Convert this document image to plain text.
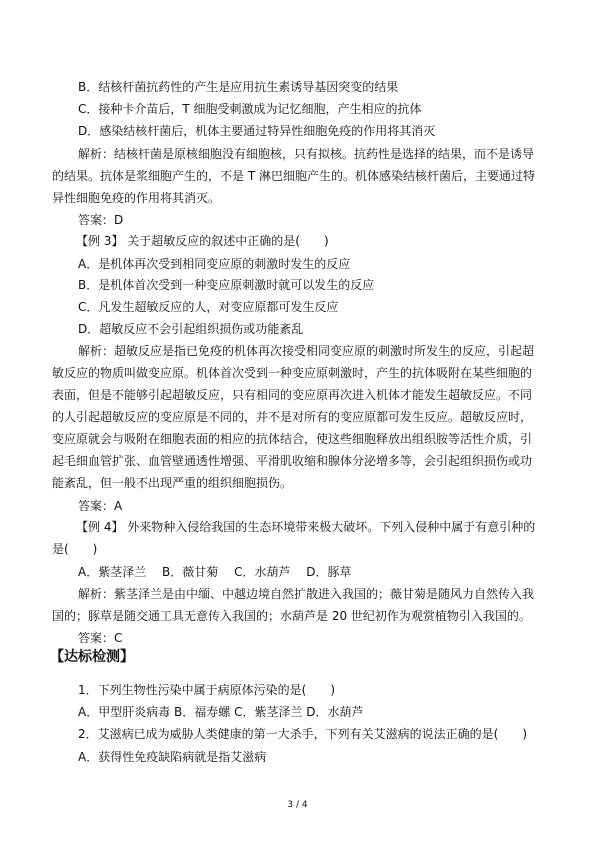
B．结核杆菌抗药性的产生是应用抗生素诱导基因突变的结果
C．接种卡介苗后，T 细胞受刺激成为记忆细胞，产生相应的抗体
D．感染结核杆菌后，机体主要通过特异性细胞免疫的作用将其消灭
解析：结核杆菌是原核细胞没有细胞核，只有拟核。抗药性是选择的结果，而不是诱导
的结果。抗体是浆细胞产生的，不是 T 淋巴细胞产生的。机体感染结核杆菌后，主要通过特
异性细胞免疫的作用将其消灭。
答案：D
【例 3】 关于超敏反应的叙述中正确的是(　　)
A．是机体再次受到相同变应原的刺激时发生的反应
B．是机体首次受到一种变应原刺激时就可以发生的反应
C．凡发生超敏反应的人，对变应原都可发生反应
D．超敏反应不会引起组织损伤或功能紊乱
解析：超敏反应是指已免疫的机体再次接受相同变应原的刺激时所发生的反应，引起超
敏反应的物质叫做变应原。机体首次受到一种变应原刺激时，产生的抗体吸附在某些细胞的
表面，但是不能够引起超敏反应，只有相同的变应原再次进入机体才能发生超敏反应。不同
的人引起超敏反应的变应原是不同的，并不是对所有的变应原都可发生反应。超敏反应时，
变应原就会与吸附在细胞表面的相应的抗体结合，使这些细胞释放出组织胺等活性介质，引
起毛细血管扩张、血管壁通透性增强、平滑肌收缩和腺体分泌增多等，会引起组织损伤或功
能紊乱，但一般不出现严重的组织细胞损伤。
答案：A
【例 4】 外来物种入侵给我国的生态环境带来极大破坏。下列入侵种中属于有意引种的
是(　　)
A．紫茎泽兰　 B．薇甘菊　 C．水葫芦　 D．豚草
解析：紫茎泽兰是由中缅、中越边境自然扩散进入我国的；薇甘菊是随风力自然传入我
国的；豚草是随交通工具无意传入我国的；水葫芦是 20 世纪初作为观赏植物引入我国的。
答案：C
【达标检测】
1．下列生物性污染中属于病原体污染的是(　　)
A．甲型肝炎病毒 B．福寿螺 C．紫茎泽兰 D．水葫芦
2．艾滋病已成为威胁人类健康的第一大杀手，下列有关艾滋病的说法正确的是(　　)
A．获得性免疫缺陷病就是指艾滋病
3 / 4
